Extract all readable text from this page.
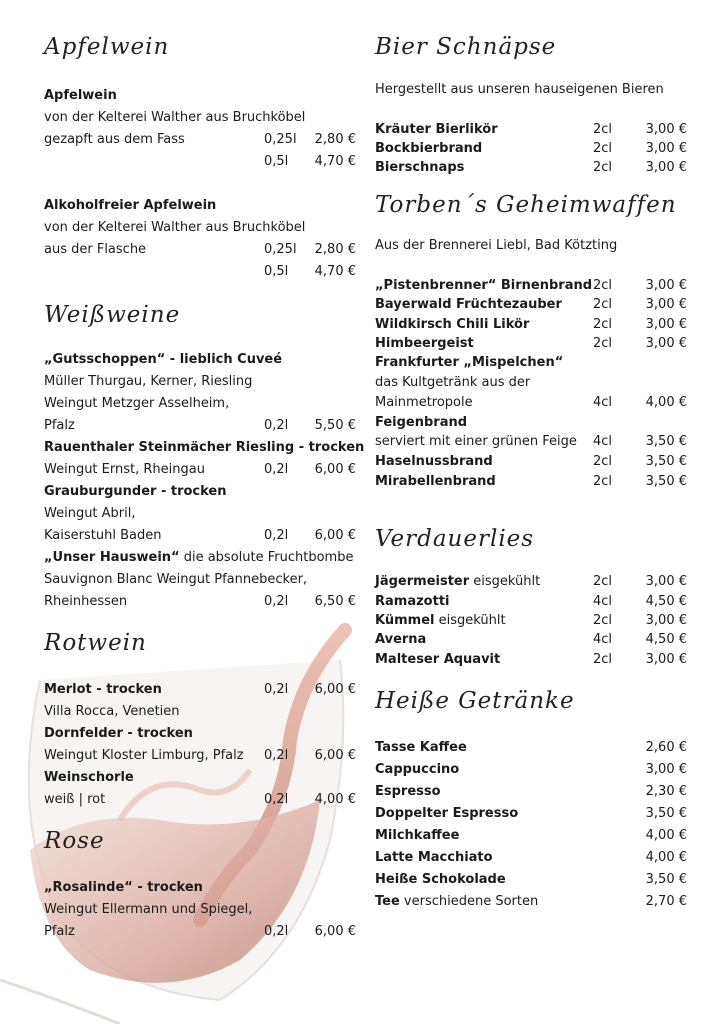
Apfelwein
Apfelwein
von der Kelterei Walther aus Bruchköbel
gezapft aus dem Fass	0,25l 2,80 €
0,5l 4,70 €
Alkoholfreier Apfelwein
von der Kelterei Walther aus Bruchköbel
aus der Flasche	0,25l 2,80 €
0,5l 4,70 €
Weißweine
„Gutsschoppen“ - lieblich Cuveé
Müller Thurgau, Kerner, Riesling
Weingut Metzger Asselheim,
Pfalz	0,2l 5,50 €
Rauenthaler Steinmächer Riesling - trocken
Weingut Ernst, Rheingau	0,2l 6,00 €
Grauburgunder - trocken
Weingut Abril,
Kaiserstuhl Baden	0,2l 6,00 €
„Unser Hauswein“ die absolute Fruchtbombe
Sauvignon Blanc Weingut Pfannebecker,
Rheinhessen	0,2l 6,50 €
Rotwein
Merlot - trocken	0,2l 6,00 €
Villa Rocca, Venetien
Dornfelder - trocken
Weingut Kloster Limburg, Pfalz 0,2l 6,00 €
Weinschorle
weiß | rot	0,2l 4,00 €
Rose
„Rosalinde“ - trocken
Weingut Ellermann und Spiegel,
Pfalz	0,2l 6,00 €
Bier Schnäpse
Hergestellt aus unseren hauseigenen Bieren
Kräuter Bierlikör	2cl	3,00 €
Bockbierbrand	2cl	3,00 €
Bierschnaps	2cl	3,00 €
Torben´s Geheimwaffen
Aus der Brennerei Liebl, Bad Kötzting
„Pistenbrenner“ Birnenbrand 2cl	3,00 €
Bayerwald Früchtezauber 2cl	3,00 €
Wildkirsch Chili Likör	2cl	3,00 €
Himbeergeist	2cl	3,00 €
Frankfurter „Mispelchen“
das Kultgetränk aus der
Mainmetropole	4cl	4,00 €
Feigenbrand
serviert mit einer grünen Feige 4cl	3,50 €
Haselnussbrand	2cl	3,50 €
Mirabellenbrand	2cl	3,50 €
Verdauerlies
Jägermeister eisgekühlt	2cl	3,00 €
Ramazotti	4cl	4,50 €
Kümmel eisgekühlt	2cl	3,00 €
Averna	4cl	4,50 €
Malteser Aquavit	2cl	3,00 €
Heiße Getränke
Tasse Kaffee	2,60 €
Cappuccino	3,00 €
Espresso	2,30 €
Doppelter Espresso	3,50 €
Milchkaffee	4,00 €
Latte Macchiato	4,00 €
Heiße Schokolade	3,50 €
Tee verschiedene Sorten	2,70 €
